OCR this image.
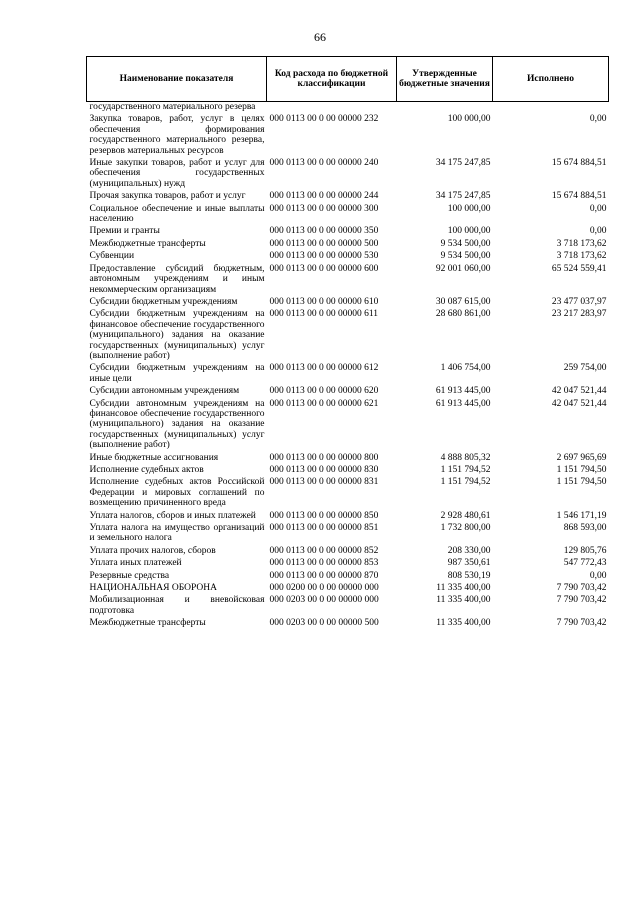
66
Наименование показателя	Код расхода по бюджетной классификации	Утвержденные бюджетные значения	Исполнено
государственного материального резерва			
Закупка товаров, работ, услуг в целях обеспечения формирования государственного материального резерва, резервов материальных ресурсов	000 0113 00 0 00 00000 232	100 000,00	0,00
Иные закупки товаров, работ и услуг для обеспечения государственных (муниципальных) нужд	000 0113 00 0 00 00000 240	34 175 247,85	15 674 884,51
Прочая закупка товаров, работ и услуг	000 0113 00 0 00 00000 244	34 175 247,85	15 674 884,51
Социальное обеспечение и иные выплаты населению	000 0113 00 0 00 00000 300	100 000,00	0,00
Премии и гранты	000 0113 00 0 00 00000 350	100 000,00	0,00
Межбюджетные трансферты	000 0113 00 0 00 00000 500	9 534 500,00	3 718 173,62
Субвенции	000 0113 00 0 00 00000 530	9 534 500,00	3 718 173,62
Предоставление субсидий бюджетным, автономным учреждениям и иным некоммерческим организациям	000 0113 00 0 00 00000 600	92 001 060,00	65 524 559,41
Субсидии бюджетным учреждениям	000 0113 00 0 00 00000 610	30 087 615,00	23 477 037,97
Субсидии бюджетным учреждениям на финансовое обеспечение государственного (муниципального) задания на оказание государственных (муниципальных) услуг (выполнение работ)	000 0113 00 0 00 00000 611	28 680 861,00	23 217 283,97
Субсидии бюджетным учреждениям на иные цели	000 0113 00 0 00 00000 612	1 406 754,00	259 754,00
Субсидии автономным учреждениям	000 0113 00 0 00 00000 620	61 913 445,00	42 047 521,44
Субсидии автономным учреждениям на финансовое обеспечение государственного (муниципального) задания на оказание государственных (муниципальных) услуг (выполнение работ)	000 0113 00 0 00 00000 621	61 913 445,00	42 047 521,44
Иные бюджетные ассигнования	000 0113 00 0 00 00000 800	4 888 805,32	2 697 965,69
Исполнение судебных актов	000 0113 00 0 00 00000 830	1 151 794,52	1 151 794,50
Исполнение судебных актов Российской Федерации и мировых соглашений по возмещению причиненного вреда	000 0113 00 0 00 00000 831	1 151 794,52	1 151 794,50
Уплата налогов, сборов и иных платежей	000 0113 00 0 00 00000 850	2 928 480,61	1 546 171,19
Уплата налога на имущество организаций и земельного налога	000 0113 00 0 00 00000 851	1 732 800,00	868 593,00
Уплата прочих налогов, сборов	000 0113 00 0 00 00000 852	208 330,00	129 805,76
Уплата иных платежей	000 0113 00 0 00 00000 853	987 350,61	547 772,43
Резервные средства	000 0113 00 0 00 00000 870	808 530,19	0,00
НАЦИОНАЛЬНАЯ ОБОРОНА	000 0200 00 0 00 00000 000	11 335 400,00	7 790 703,42
Мобилизационная и вневойсковая подготовка	000 0203 00 0 00 00000 000	11 335 400,00	7 790 703,42
Межбюджетные трансферты	000 0203 00 0 00 00000 500	11 335 400,00	7 790 703,42
